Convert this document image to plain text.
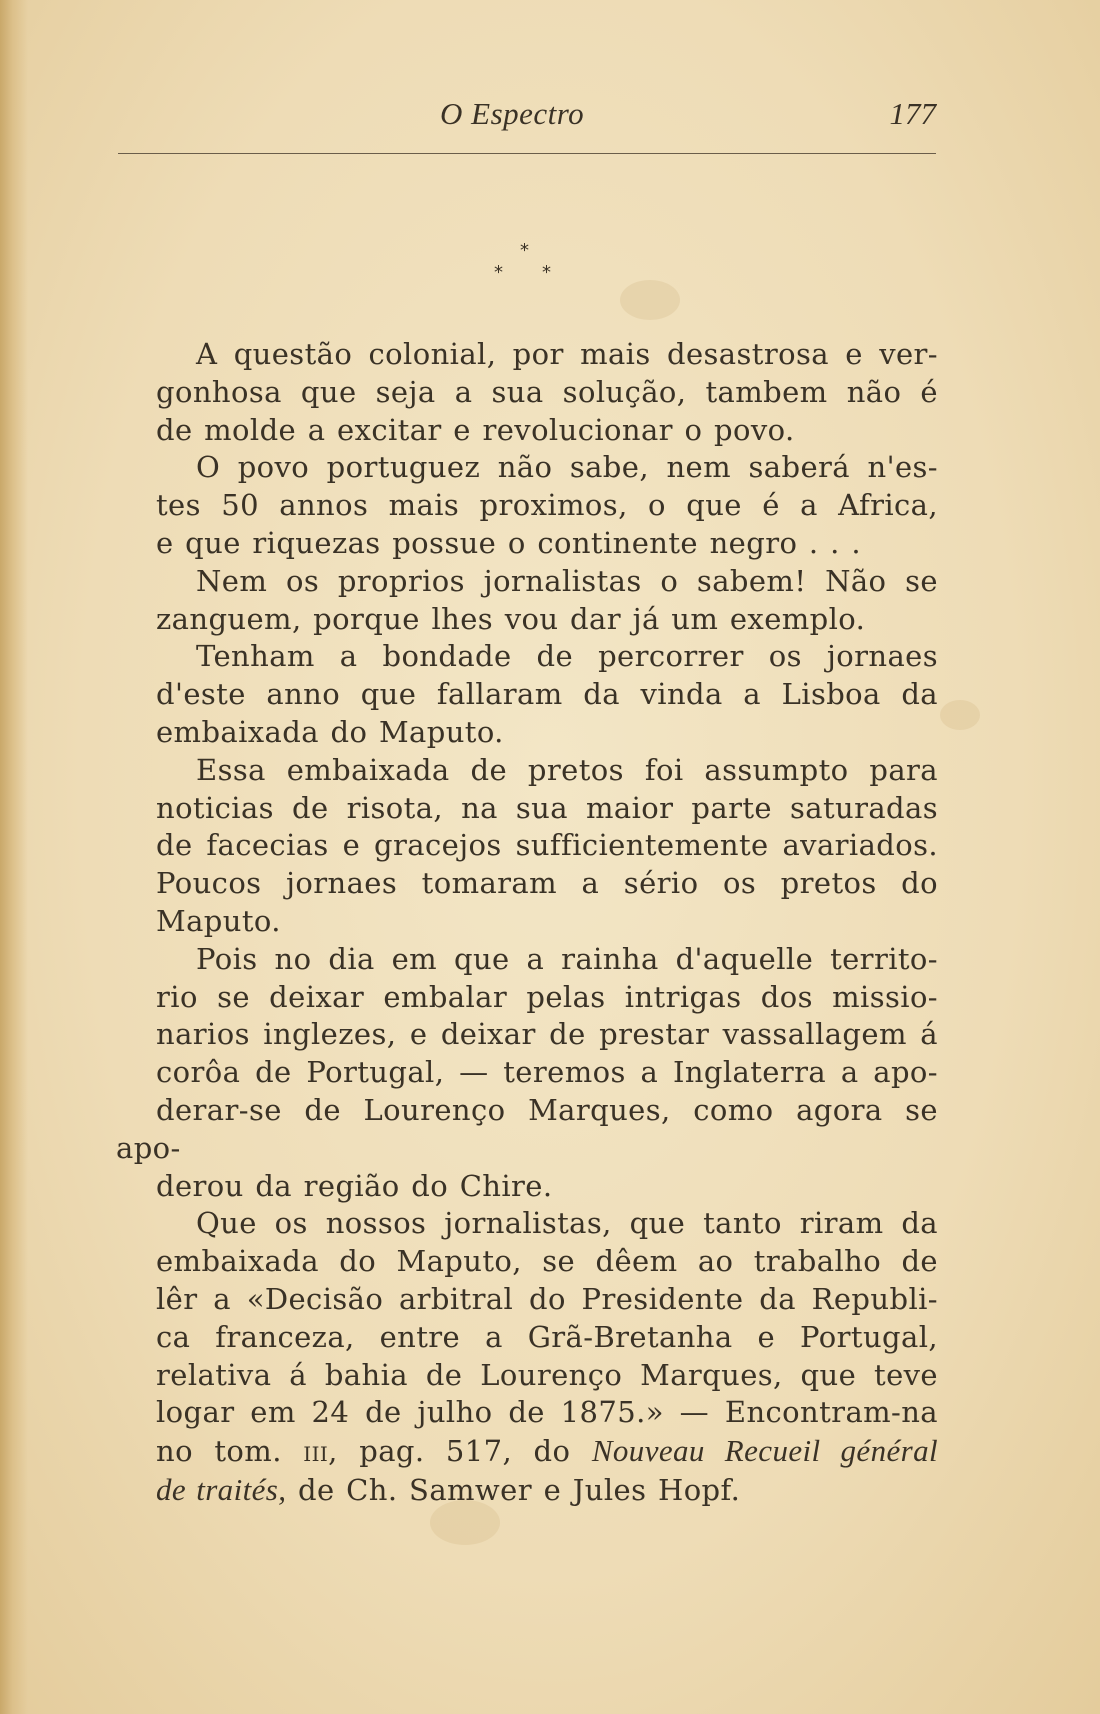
O Espectro	177
*
* *
A questão colonial, por mais desastrosa e ver-
gonhosa que seja a sua solução, tambem não é
de molde a excitar e revolucionar o povo.
O povo portuguez não sabe, nem saberá n'es-
tes 50 annos mais proximos, o que é a Africa,
e que riquezas possue o continente negro . . .
Nem os proprios jornalistas o sabem! Não se
zanguem, porque lhes vou dar já um exemplo.
Tenham a bondade de percorrer os jornaes
d'este anno que fallaram da vinda a Lisboa da
embaixada do Maputo.
Essa embaixada de pretos foi assumpto para
noticias de risota, na sua maior parte saturadas
de facecias e gracejos sufficientemente avariados.
Poucos jornaes tomaram a sério os pretos do
Maputo.
Pois no dia em que a rainha d'aquelle territo-
rio se deixar embalar pelas intrigas dos missio-
narios inglezes, e deixar de prestar vassallagem á
corôa de Portugal, — teremos a Inglaterra a apo-
derar-se de Lourenço Marques, como agora se apo-
derou da região do Chire.
Que os nossos jornalistas, que tanto riram da
embaixada do Maputo, se dêem ao trabalho de
lêr a «Decisão arbitral do Presidente da Republi-
ca franceza, entre a Grã-Bretanha e Portugal,
relativa á bahia de Lourenço Marques, que teve
logar em 24 de julho de 1875.» — Encontram-na
no tom. iii, pag. 517, do Nouveau Recueil général
de traités, de Ch. Samwer e Jules Hopf.
